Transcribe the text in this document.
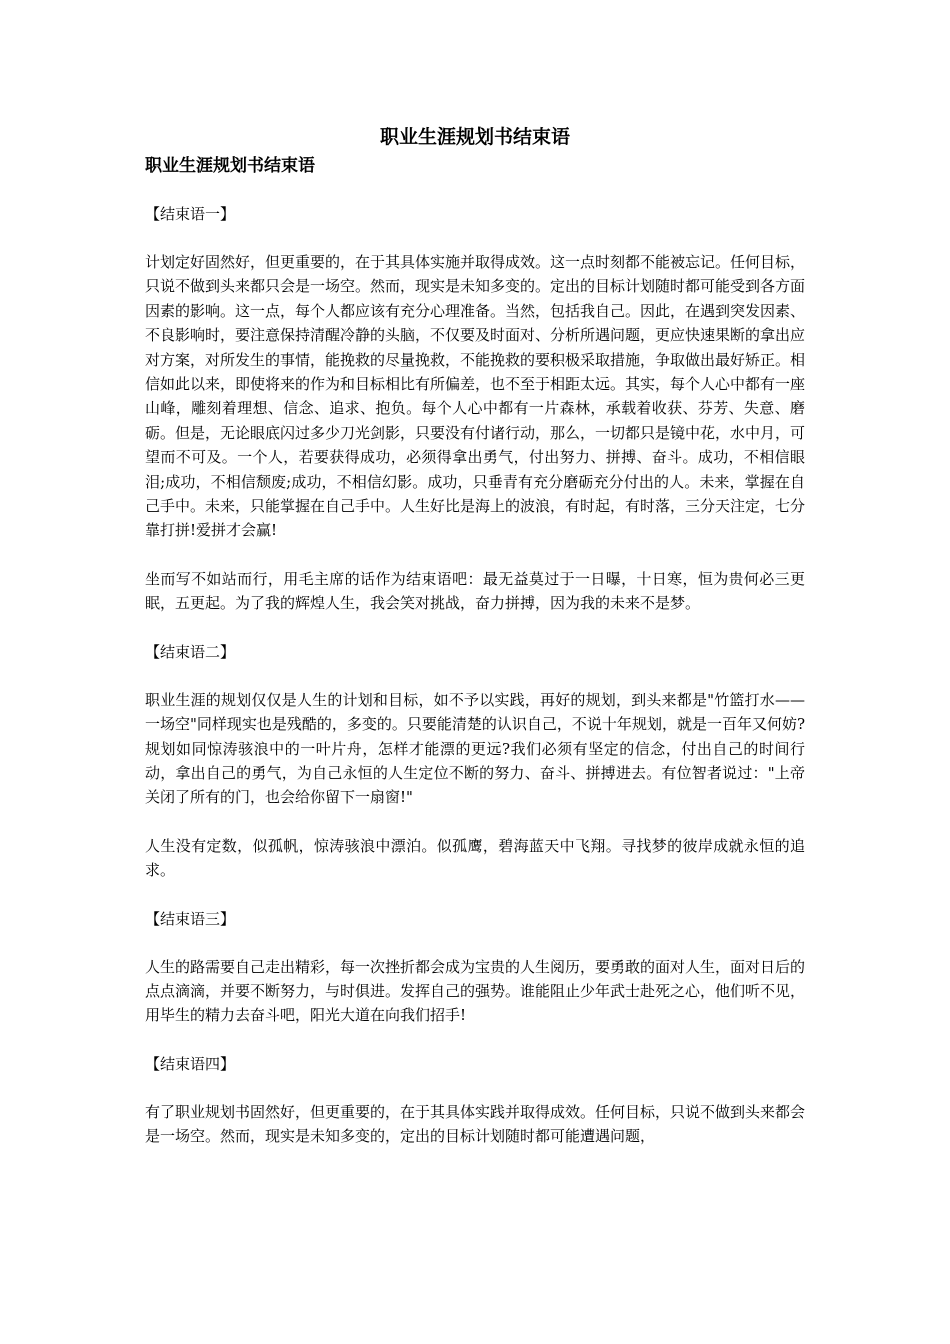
职业生涯规划书结束语
职业生涯规划书结束语

【结束语一】

计划定好固然好，但更重要的，在于其具体实施并取得成效。这一点时刻都不能被忘记。任何目标，只说不做到头来都只会是一场空。然而，现实是未知多变的。定出的目标计划随时都可能受到各方面因素的影响。这一点，每个人都应该有充分心理准备。当然，包括我自己。因此，在遇到突发因素、不良影响时，要注意保持清醒冷静的头脑，不仅要及时面对、分析所遇问题，更应快速果断的拿出应对方案，对所发生的事情，能挽救的尽量挽救，不能挽救的要积极采取措施，争取做出最好矫正。相信如此以来，即使将来的作为和目标相比有所偏差，也不至于相距太远。其实，每个人心中都有一座山峰，雕刻着理想、信念、追求、抱负。每个人心中都有一片森林，承载着收获、芬芳、失意、磨砺。但是，无论眼底闪过多少刀光剑影，只要没有付诸行动，那么，一切都只是镜中花，水中月，可望而不可及。一个人，若要获得成功，必须得拿出勇气，付出努力、拼搏、奋斗。成功，不相信眼泪;成功，不相信颓废;成功，不相信幻影。成功，只垂青有充分磨砺充分付出的人。未来，掌握在自己手中。未来，只能掌握在自己手中。人生好比是海上的波浪，有时起，有时落，三分天注定，七分靠打拼!爱拼才会赢!

坐而写不如站而行，用毛主席的话作为结束语吧：最无益莫过于一日曝，十日寒，恒为贵何必三更眠，五更起。为了我的辉煌人生，我会笑对挑战，奋力拼搏，因为我的未来不是梦。

【结束语二】

职业生涯的规划仅仅是人生的计划和目标，如不予以实践，再好的规划，到头来都是"竹篮打水——一场空"同样现实也是残酷的，多变的。只要能清楚的认识自己，不说十年规划，就是一百年又何妨?规划如同惊涛骇浪中的一叶片舟，怎样才能漂的更远?我们必须有坚定的信念，付出自己的时间行动，拿出自己的勇气，为自己永恒的人生定位不断的努力、奋斗、拼搏进去。有位智者说过："上帝关闭了所有的门，也会给你留下一扇窗!"

人生没有定数，似孤帆，惊涛骇浪中漂泊。似孤鹰，碧海蓝天中飞翔。寻找梦的彼岸成就永恒的追求。

【结束语三】

人生的路需要自己走出精彩，每一次挫折都会成为宝贵的人生阅历，要勇敢的面对人生，面对日后的点点滴滴，并要不断努力，与时俱进。发挥自己的强势。谁能阻止少年武士赴死之心，他们听不见，用毕生的精力去奋斗吧，阳光大道在向我们招手!

【结束语四】

有了职业规划书固然好，但更重要的，在于其具体实践并取得成效。任何目标，只说不做到头来都会是一场空。然而，现实是未知多变的，定出的目标计划随时都可能遭遇问题，
